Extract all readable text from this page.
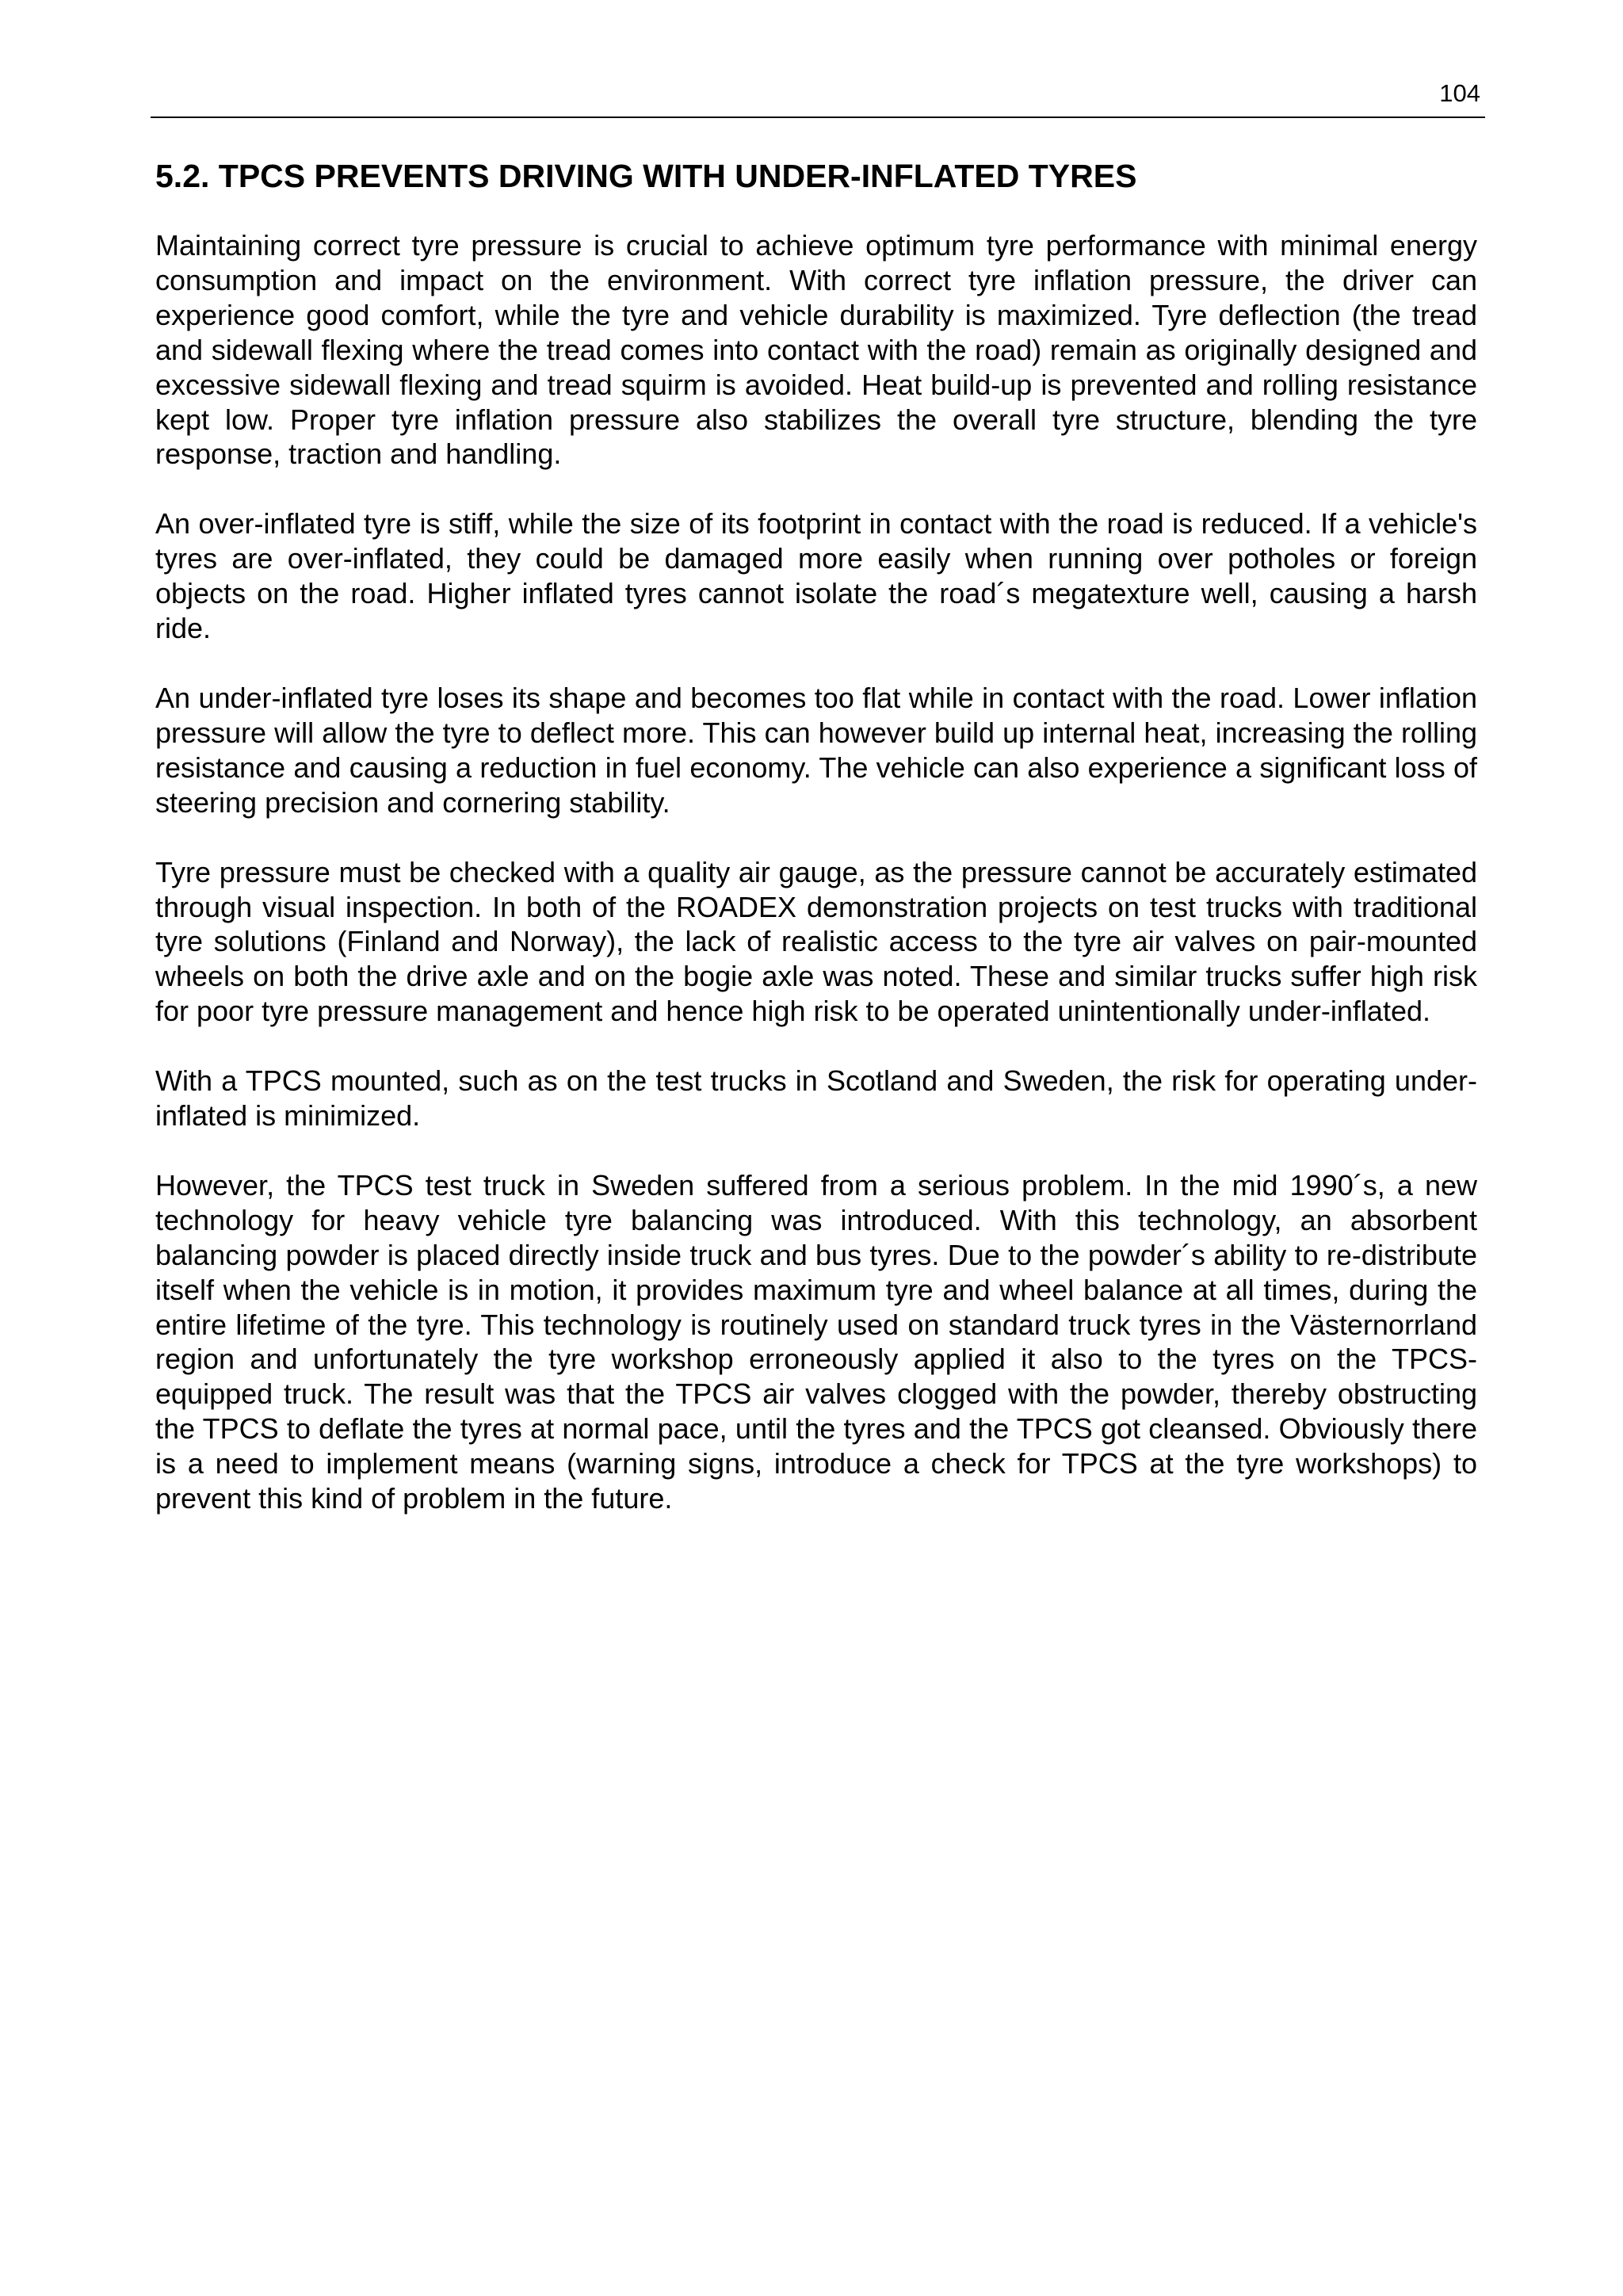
104
5.2. TPCS PREVENTS DRIVING WITH UNDER-INFLATED TYRES

Maintaining correct tyre pressure is crucial to achieve optimum tyre performance with minimal energy consumption and impact on the environment. With correct tyre inflation pressure, the driver can experience good comfort, while the tyre and vehicle durability is maximized. Tyre deflection (the tread and sidewall flexing where the tread comes into contact with the road) remain as originally designed and excessive sidewall flexing and tread squirm is avoided. Heat build-up is prevented and rolling resistance kept low. Proper tyre inflation pressure also stabilizes the overall tyre structure, blending the tyre response, traction and handling.

An over-inflated tyre is stiff, while the size of its footprint in contact with the road is reduced. If a vehicle's tyres are over-inflated, they could be damaged more easily when running over potholes or foreign objects on the road. Higher inflated tyres cannot isolate the road´s megatexture well, causing a harsh ride.

An under-inflated tyre loses its shape and becomes too flat while in contact with the road. Lower inflation pressure will allow the tyre to deflect more. This can however build up internal heat, increasing the rolling resistance and causing a reduction in fuel economy. The vehicle can also experience a significant loss of steering precision and cornering stability.

Tyre pressure must be checked with a quality air gauge, as the pressure cannot be accurately estimated through visual inspection. In both of the ROADEX demonstration projects on test trucks with traditional tyre solutions (Finland and Norway), the lack of realistic access to the tyre air valves on pair-mounted wheels on both the drive axle and on the bogie axle was noted. These and similar trucks suffer high risk for poor tyre pressure management and hence high risk to be operated unintentionally under-inflated.

With a TPCS mounted, such as on the test trucks in Scotland and Sweden, the risk for operating under-inflated is minimized.

However, the TPCS test truck in Sweden suffered from a serious problem. In the mid 1990´s, a new technology for heavy vehicle tyre balancing was introduced. With this technology, an absorbent balancing powder is placed directly inside truck and bus tyres. Due to the powder´s ability to re-distribute itself when the vehicle is in motion, it provides maximum tyre and wheel balance at all times, during the entire lifetime of the tyre. This technology is routinely used on standard truck tyres in the Västernorrland region and unfortunately the tyre workshop erroneously applied it also to the tyres on the TPCS-equipped truck. The result was that the TPCS air valves clogged with the powder, thereby obstructing the TPCS to deflate the tyres at normal pace, until the tyres and the TPCS got cleansed. Obviously there is a need to implement means (warning signs, introduce a check for TPCS at the tyre workshops) to prevent this kind of problem in the future.
